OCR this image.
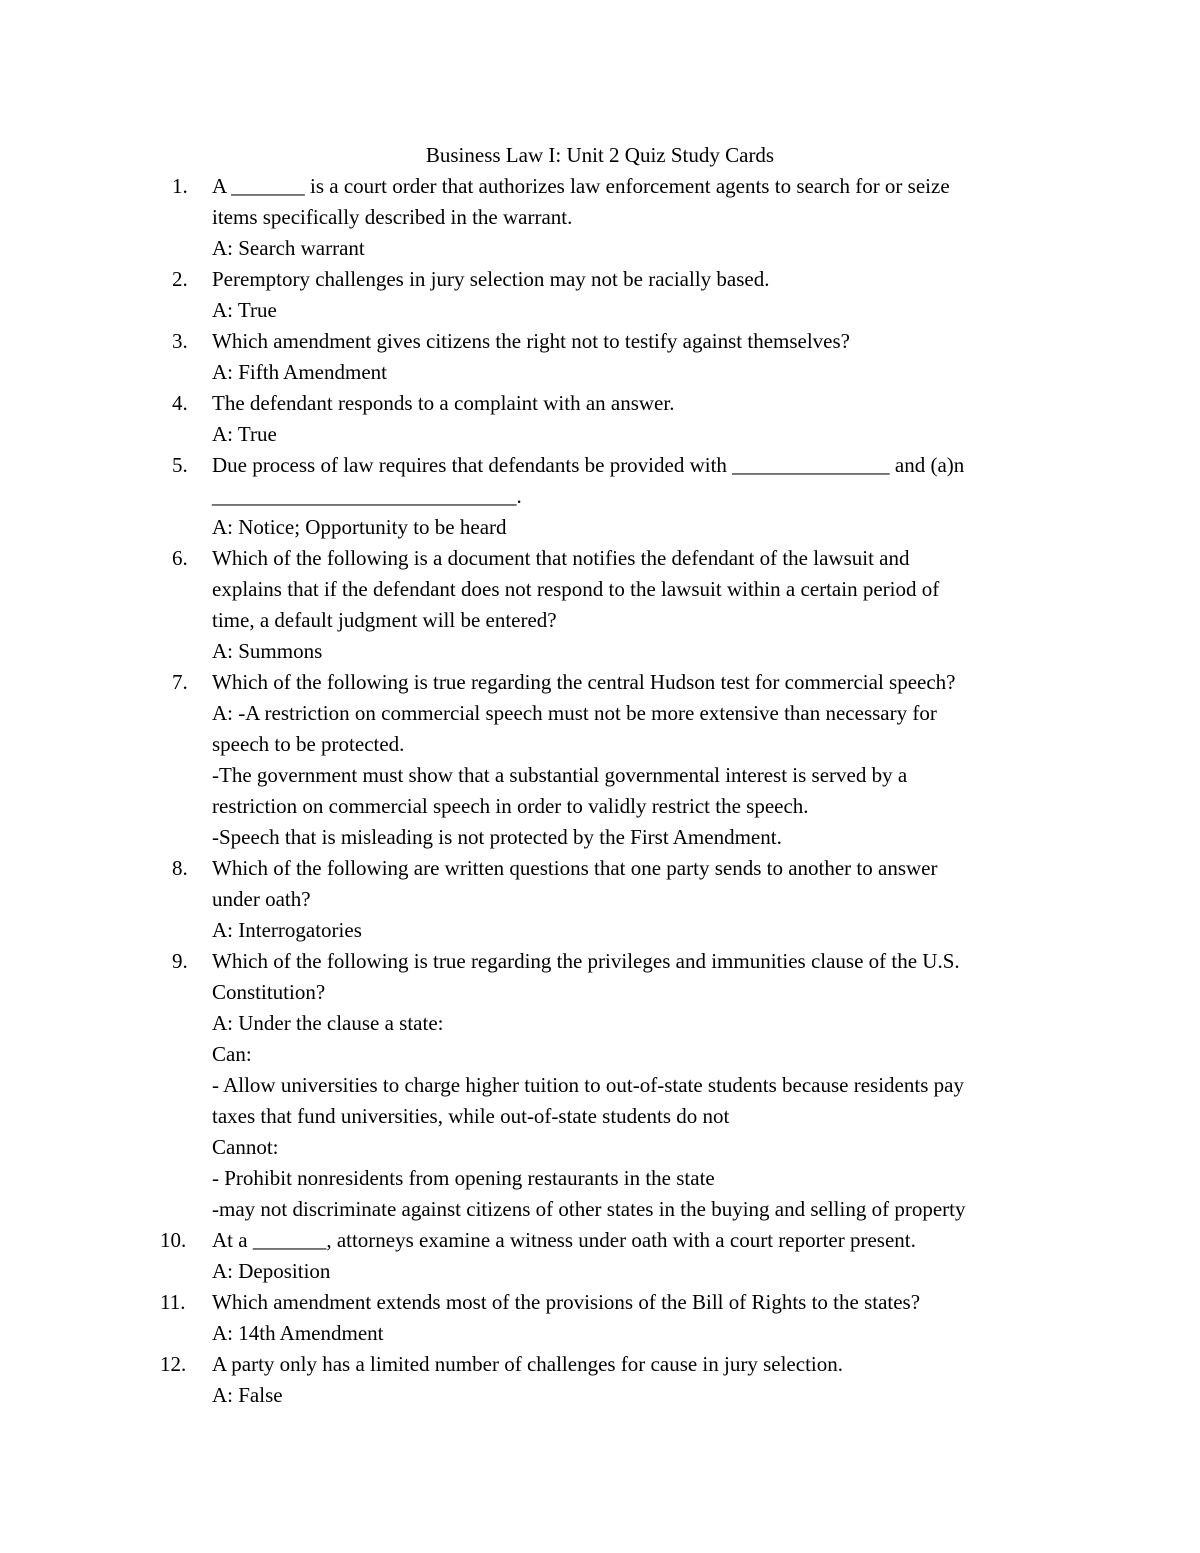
Business Law I: Unit 2 Quiz Study Cards
1.	A _______ is a court order that authorizes law enforcement agents to search for or seize
items specifically described in the warrant.
A: Search warrant
2.	Peremptory challenges in jury selection may not be racially based.
A: True
3.	Which amendment gives citizens the right not to testify against themselves?
A: Fifth Amendment
4.	The defendant responds to a complaint with an answer.
A: True
5.	Due process of law requires that defendants be provided with _______________ and (a)n
_____________________________.
A: Notice; Opportunity to be heard
6.	Which of the following is a document that notifies the defendant of the lawsuit and
explains that if the defendant does not respond to the lawsuit within a certain period of
time, a default judgment will be entered?
A: Summons
7.	Which of the following is true regarding the central Hudson test for commercial speech?
A: -A restriction on commercial speech must not be more extensive than necessary for
speech to be protected.
-The government must show that a substantial governmental interest is served by a
restriction on commercial speech in order to validly restrict the speech.
-Speech that is misleading is not protected by the First Amendment.
8.	Which of the following are written questions that one party sends to another to answer
under oath?
A: Interrogatories
9.	Which of the following is true regarding the privileges and immunities clause of the U.S.
Constitution?
A: Under the clause a state:
Can:
- Allow universities to charge higher tuition to out-of-state students because residents pay
taxes that fund universities, while out-of-state students do not
Cannot:
- Prohibit nonresidents from opening restaurants in the state
-may not discriminate against citizens of other states in the buying and selling of property
10. At a _______, attorneys examine a witness under oath with a court reporter present.
A: Deposition
11. Which amendment extends most of the provisions of the Bill of Rights to the states?
A: 14th Amendment
12. A party only has a limited number of challenges for cause in jury selection.
A: False
